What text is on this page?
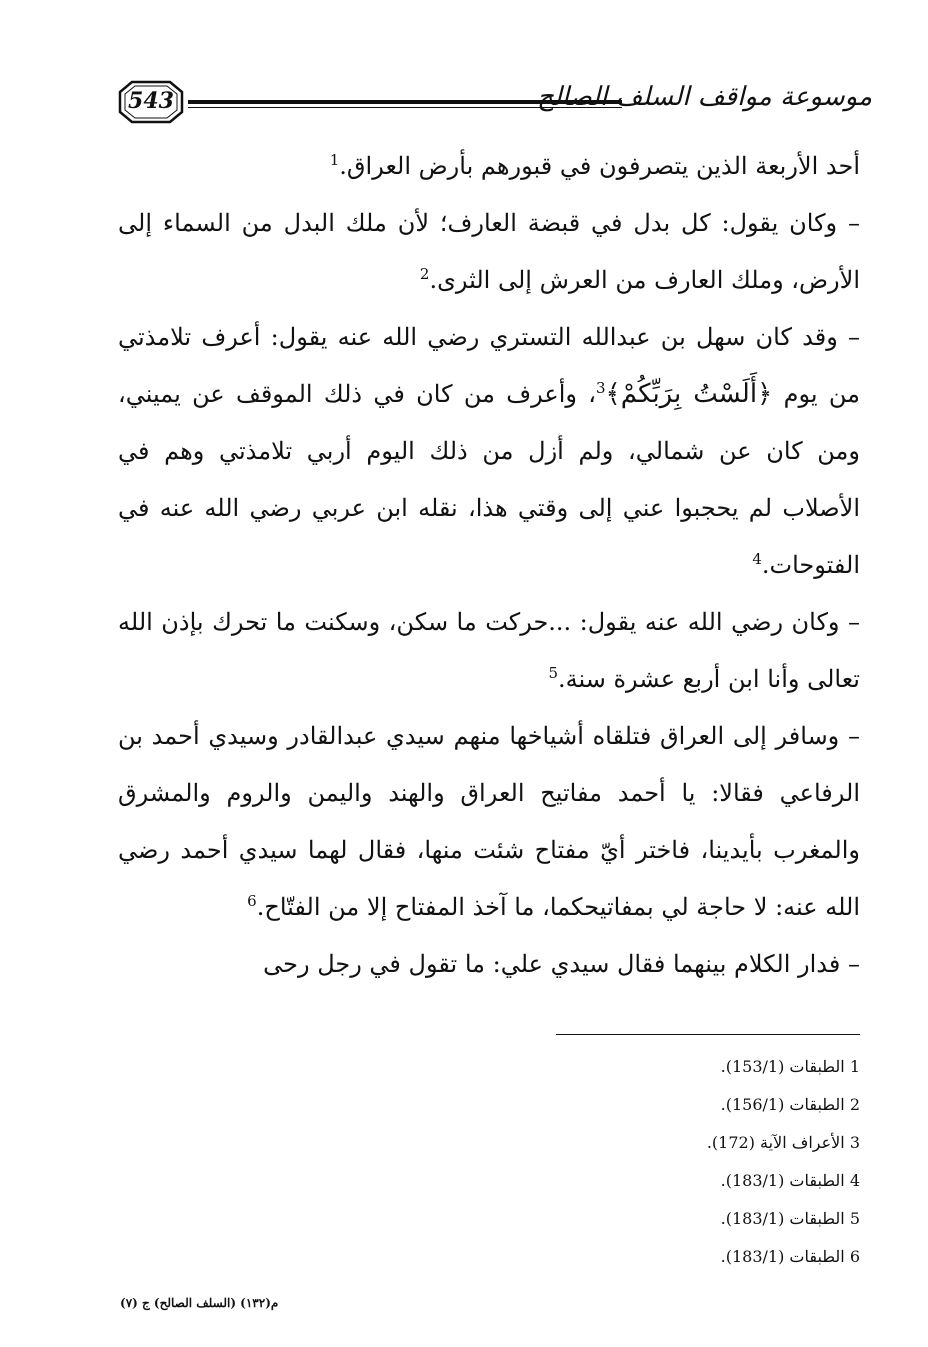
543	موسوعة مواقف السلف الصالح

أحد الأربعة الذين يتصرفون في قبورهم بأرض العراق.$^1$

– وكان يقول: كل بدل في قبضة العارف؛ لأن ملك البدل من السماء إلى الأرض، وملك العارف من العرش إلى الثرى.$^2$

– وقد كان سهل بن عبدالله التستري رضي الله عنه يقول: أعرف تلامذتي من يوم ﴿أَلَسْتُ بِرَبِّكُمْ﴾$^3$، وأعرف من كان في ذلك الموقف عن يميني، ومن كان عن شمالي، ولم أزل من ذلك اليوم أربي تلامذتي وهم في الأصلاب لم يحجبوا عني إلى وقتي هذا، نقله ابن عربي رضي الله عنه في الفتوحات.$^4$

– وكان رضي الله عنه يقول: ...حركت ما سكن، وسكنت ما تحرك بإذن الله تعالى وأنا ابن أربع عشرة سنة.$^5$

– وسافر إلى العراق فتلقاه أشياخها منهم سيدي عبدالقادر وسيدي أحمد بن الرفاعي فقالا: يا أحمد مفاتيح العراق والهند واليمن والروم والمشرق والمغرب بأيدينا، فاختر أيّ مفتاح شئت منها، فقال لهما سيدي أحمد رضي الله عنه: لا حاجة لي بمفاتيحكما، ما آخذ المفتاح إلا من الفتّاح.$^6$

– فدار الكلام بينهما فقال سيدي علي: ما تقول في رجل رحى

1 الطبقات (153/1).
2 الطبقات (156/1).
3 الأعراف الآية (172).
4 الطبقات (183/1).
5 الطبقات (183/1).
6 الطبقات (183/1).
م(١٣٢) (السلف الصالح) ج (٧)
